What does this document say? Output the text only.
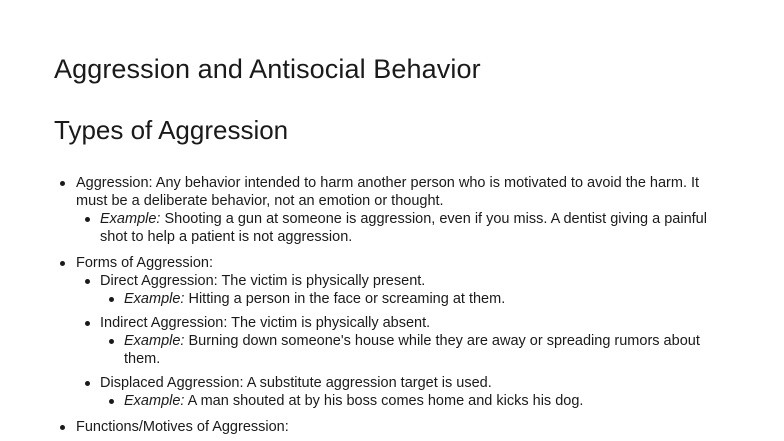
Aggression and Antisocial Behavior
Types of Aggression
Aggression: Any behavior intended to harm another person who is motivated to avoid the harm. It must be a deliberate behavior, not an emotion or thought.
Example: Shooting a gun at someone is aggression, even if you miss. A dentist giving a painful shot to help a patient is not aggression.
Forms of Aggression:
Direct Aggression: The victim is physically present.
Example: Hitting a person in the face or screaming at them.
Indirect Aggression: The victim is physically absent.
Example: Burning down someone's house while they are away or spreading rumors about them.
Displaced Aggression: A substitute aggression target is used.
Example: A man shouted at by his boss comes home and kicks his dog.
Functions/Motives of Aggression:
